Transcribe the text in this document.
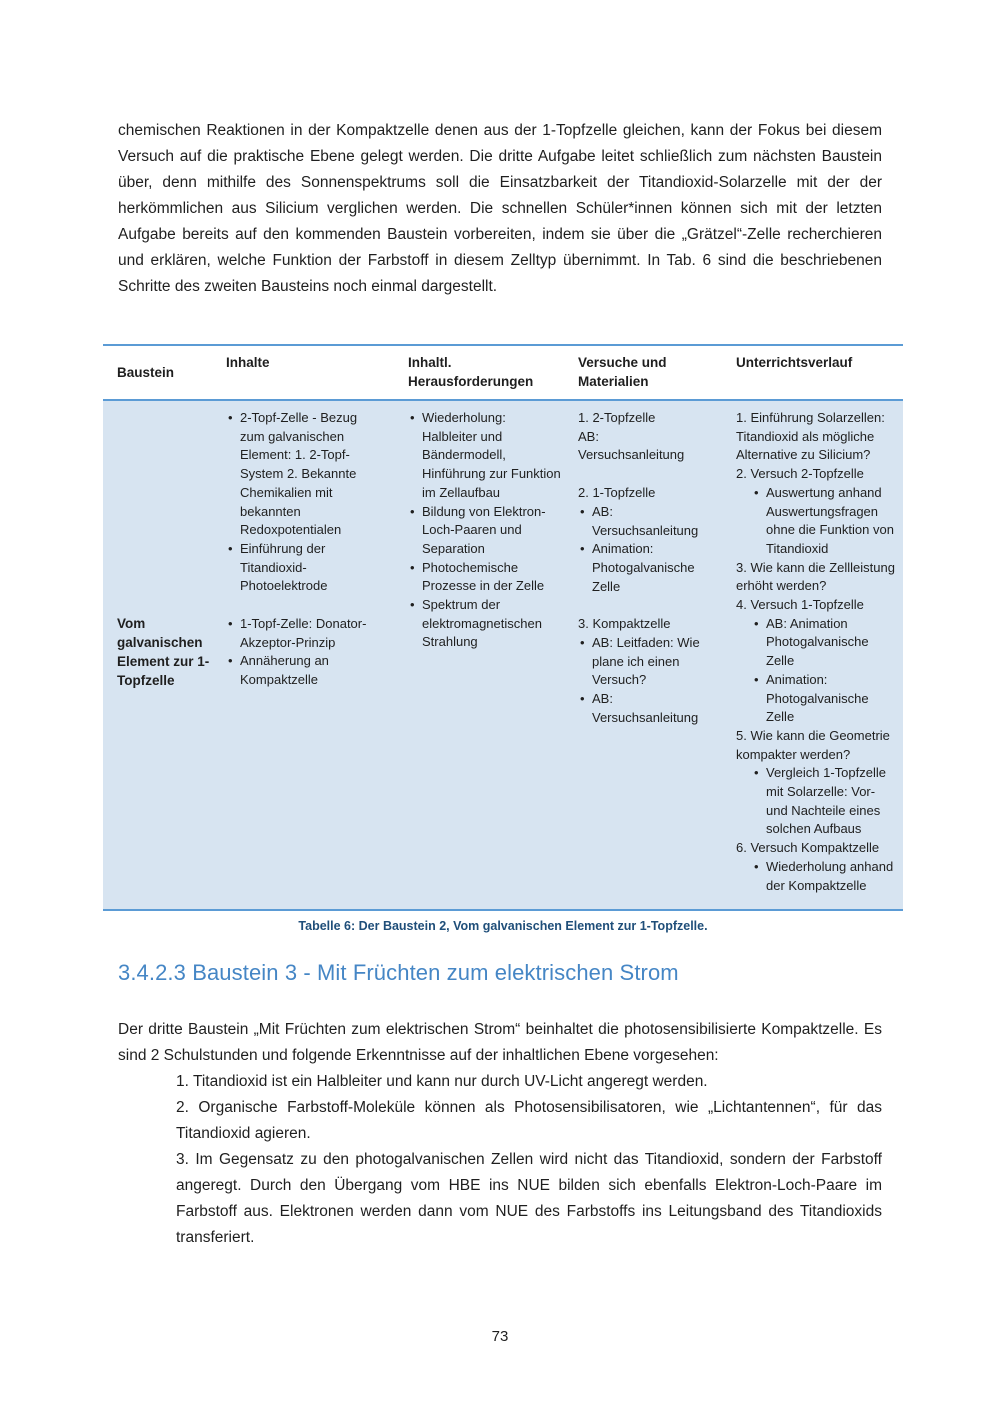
chemischen Reaktionen in der Kompaktzelle denen aus der 1-Topfzelle gleichen, kann der Fokus bei diesem Versuch auf die praktische Ebene gelegt werden. Die dritte Aufgabe leitet schließlich zum nächsten Baustein über, denn mithilfe des Sonnenspektrums soll die Einsatzbarkeit der Titandioxid-Solarzelle mit der der herkömmlichen aus Silicium verglichen werden. Die schnellen Schüler*innen können sich mit der letzten Aufgabe bereits auf den kommenden Baustein vorbereiten, indem sie über die „Grätzel“-Zelle recherchieren und erklären, welche Funktion der Farbstoff in diesem Zelltyp übernimmt. In Tab. 6 sind die beschriebenen Schritte des zweiten Bausteins noch einmal dargestellt.

Baustein
Inhalte	Inhaltl. Herausforderungen
Versuche und Materialien
Unterrichtsverlauf
Vom galvanischen Element zur 1-Topfzelle
• 2-Topf-Zelle - Bezug zum galvanischen Element: 1. 2-Topf-System 2. Bekannte Chemikalien mit bekannten Redoxpotentialen
• Einführung der Titandioxid-Photoelektrode
• 1-Topf-Zelle: Donator-Akzeptor-Prinzip
• Annäherung an Kompaktzelle
• Wiederholung: Halbleiter und Bändermodell, Hinführung zur Funktion im Zellaufbau
• Bildung von Elektron-Loch-Paaren und Separation
• Photochemische Prozesse in der Zelle
• Spektrum der elektromagnetischen Strahlung
1. 2-Topfzelle
AB:
Versuchsanleitung
2. 1-Topfzelle
• AB: Versuchsanleitung
• Animation: Photogalvanische Zelle
3. Kompaktzelle
• AB: Leitfaden: Wie plane ich einen Versuch?
• AB: Versuchsanleitung
1. Einführung Solarzellen: Titandioxid als mögliche Alternative zu Silicium?
2. Versuch 2-Topfzelle
• Auswertung anhand Auswertungsfragen ohne die Funktion von Titandioxid
3. Wie kann die Zellleistung erhöht werden?
4. Versuch 1-Topfzelle
• AB: Animation Photogalvanische Zelle
• Animation: Photogalvanische Zelle
5. Wie kann die Geometrie kompakter werden?
• Vergleich 1-Topfzelle mit Solarzelle: Vor- und Nachteile eines solchen Aufbaus
6. Versuch Kompaktzelle
• Wiederholung anhand der Kompaktzelle
Tabelle 6: Der Baustein 2, Vom galvanischen Element zur 1-Topfzelle.
3.4.2.3 Baustein 3 - Mit Früchten zum elektrischen Strom

Der dritte Baustein „Mit Früchten zum elektrischen Strom“ beinhaltet die photosensibilisierte Kompaktzelle. Es sind 2 Schulstunden und folgende Erkenntnisse auf der inhaltlichen Ebene vorgesehen:

1. Titandioxid ist ein Halbleiter und kann nur durch UV-Licht angeregt werden.
2. Organische Farbstoff-Moleküle können als Photosensibilisatoren, wie „Lichtantennen“, für das Titandioxid agieren.
3. Im Gegensatz zu den photogalvanischen Zellen wird nicht das Titandioxid, sondern der Farbstoff angeregt. Durch den Übergang vom HBE ins NUE bilden sich ebenfalls Elektron-Loch-Paare im Farbstoff aus. Elektronen werden dann vom NUE des Farbstoffs ins Leitungsband des Titandioxids transferiert.
73
